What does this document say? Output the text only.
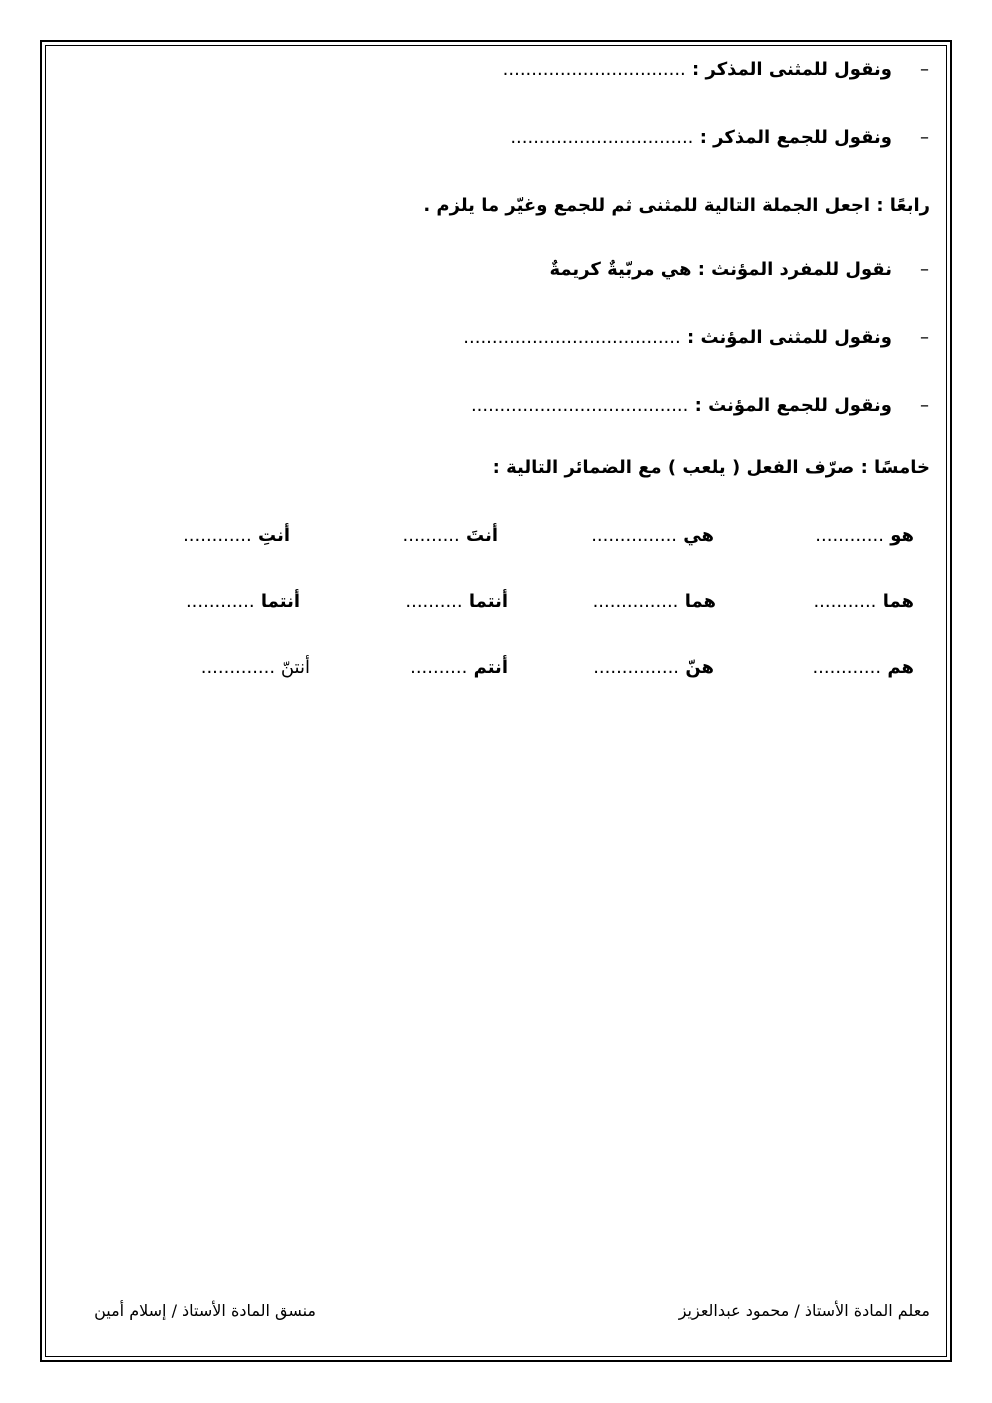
–
ونقول للمثنى المذكر : ................................
–
ونقول للجمع المذكر : ................................
رابعًا : اجعل الجملة التالية للمثنى ثم للجمع وغيّر ما يلزم .
–
نقول للمفرد المؤنث : هي مربّيةٌ كريمةٌ
–
ونقول للمثنى المؤنث : ......................................
–
ونقول للجمع المؤنث : ......................................
خامسًا : صرّف الفعل ( يلعب ) مع الضمائر التالية :
هو ............
هي ...............
أنتَ ..........
أنتِ ............
هما ...........
هما ...............
أنتما ..........
أنتما ............
هم ............
هنّ ...............
أنتم ..........
أنتنّ .............
معلم المادة الأستاذ / محمود عبدالعزيز
منسق المادة الأستاذ / إسلام أمين
